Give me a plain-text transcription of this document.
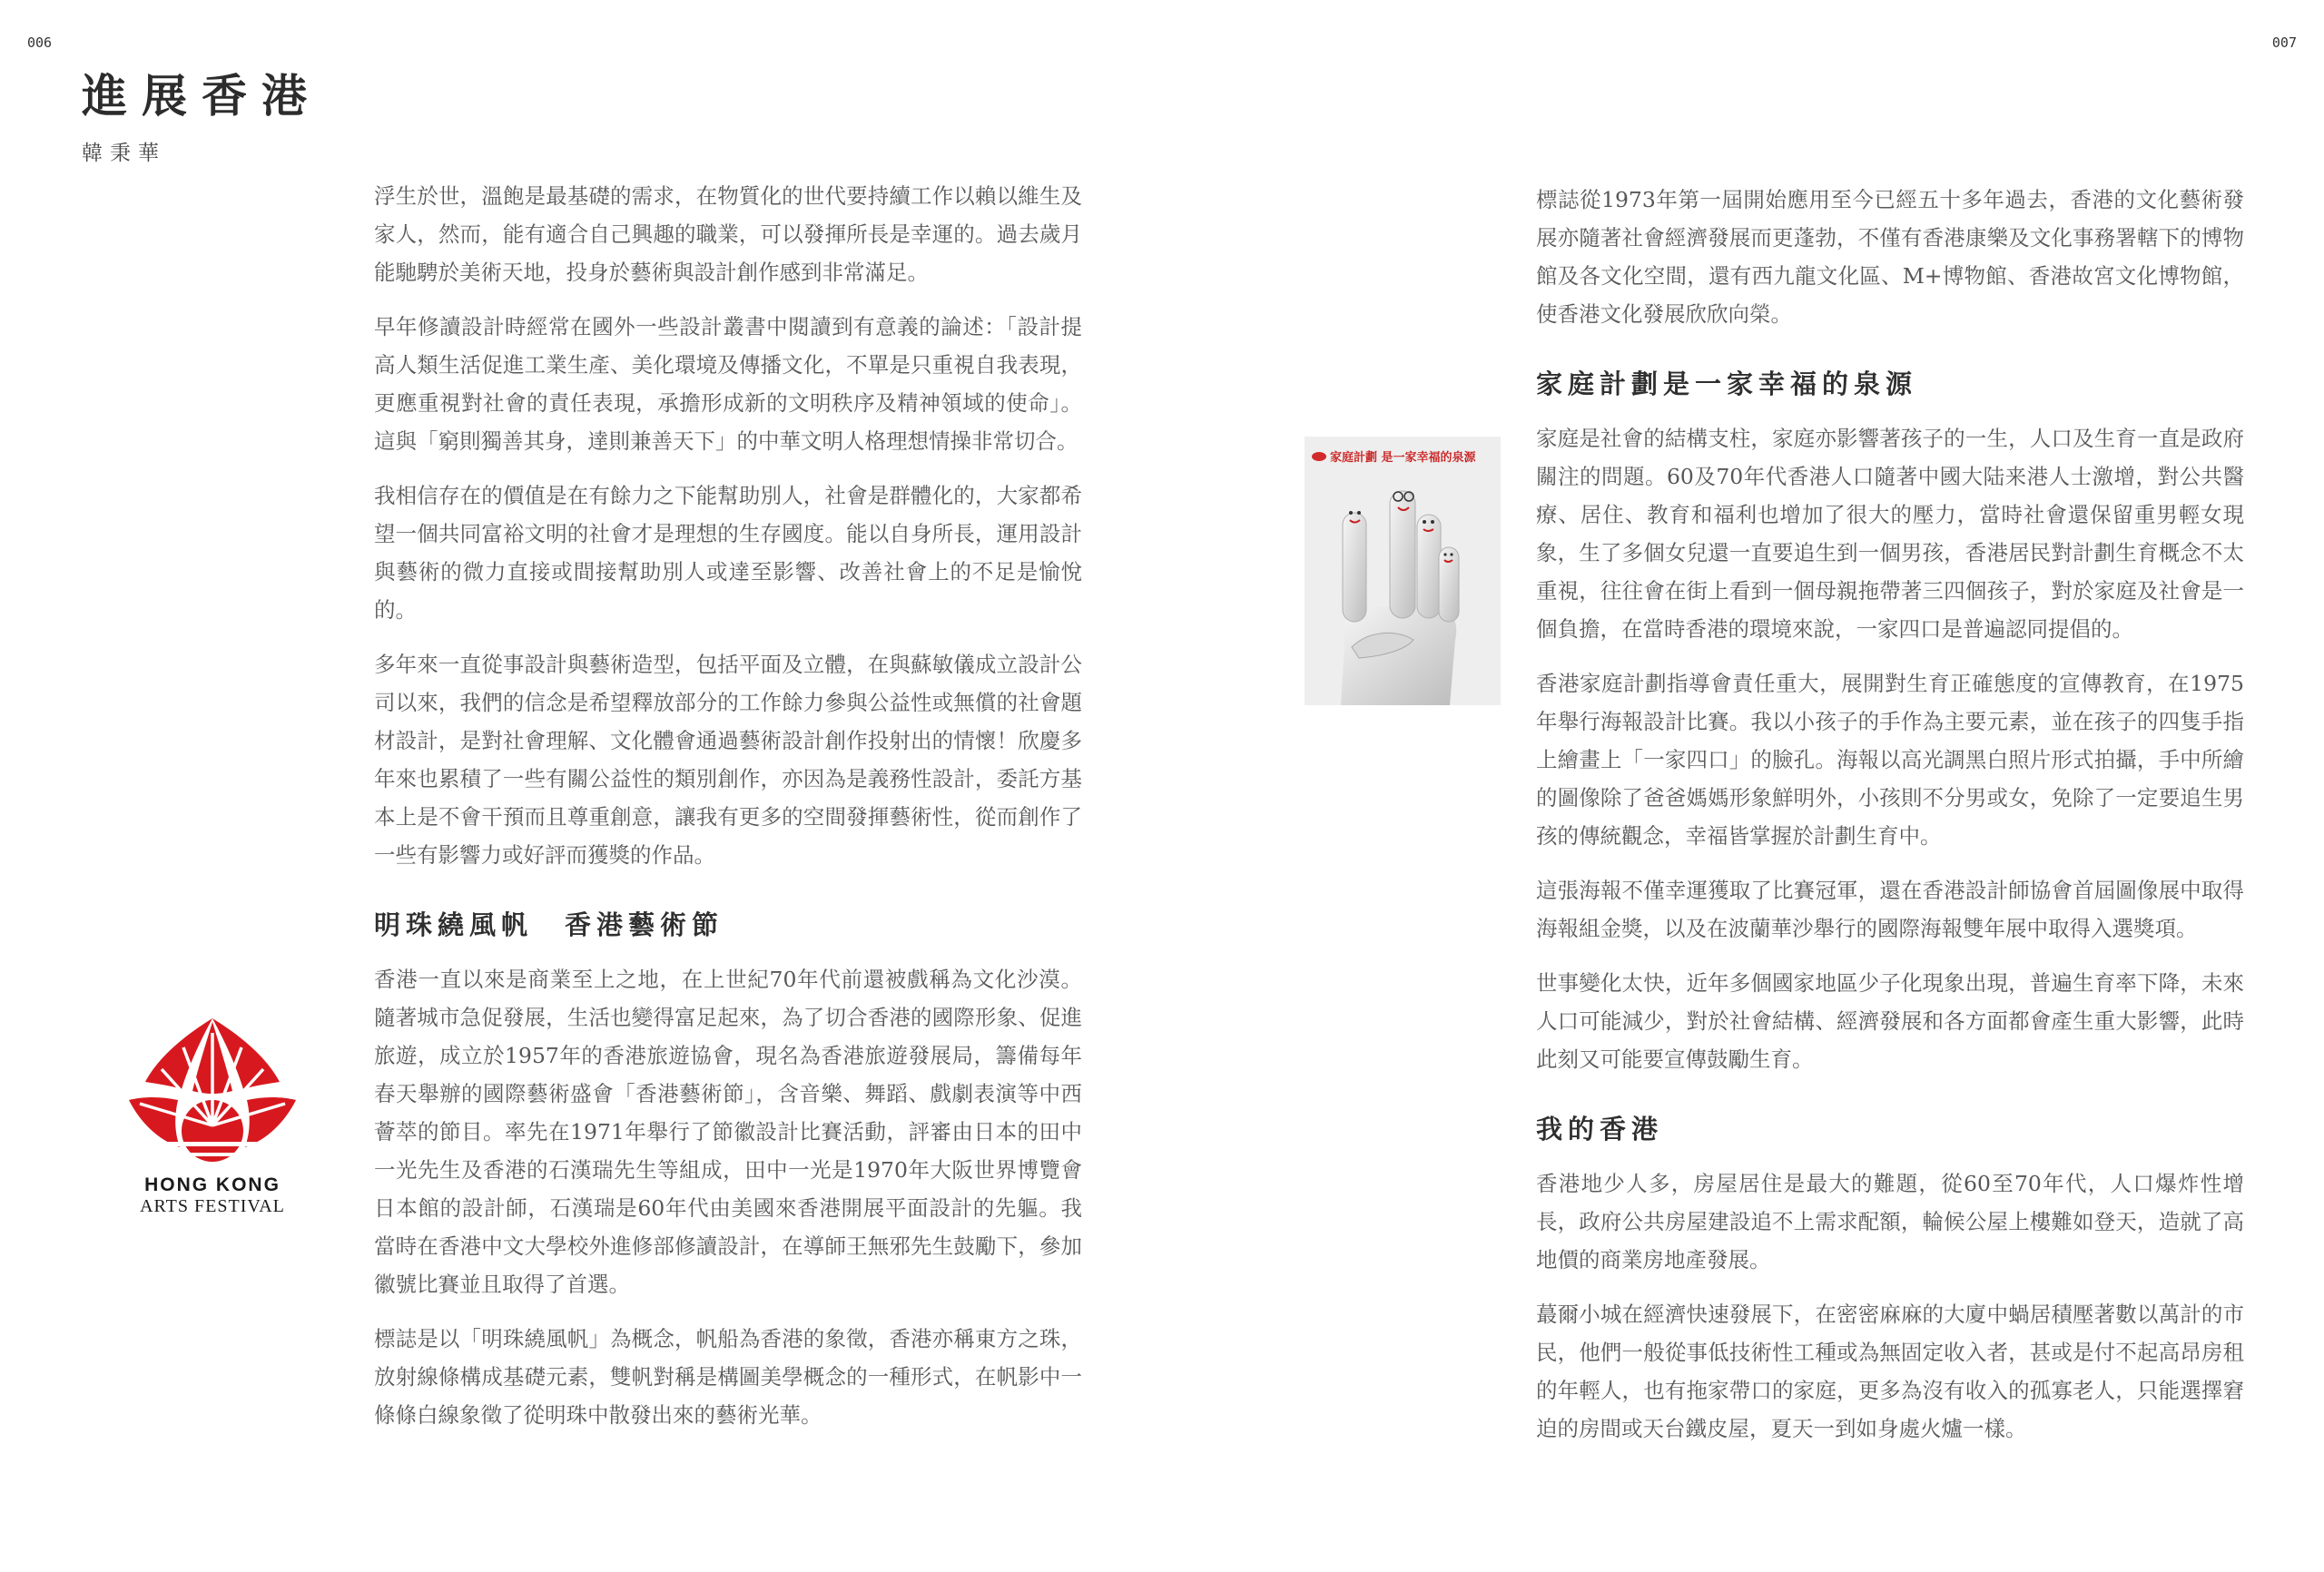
006	007
進展香港
韓秉華

浮生於世，溫飽是最基礎的需求，在物質化的世代要持續工作以賴以維生及家人，然而，能有適合自己興趣的職業，可以發揮所長是幸運的。過去歲月能馳騁於美術天地，投身於藝術與設計創作感到非常滿足。

早年修讀設計時經常在國外一些設計叢書中閱讀到有意義的論述：「設計提高人類生活促進工業生產、美化環境及傳播文化，不單是只重視自我表現，更應重視對社會的責任表現，承擔形成新的文明秩序及精神領域的使命」。這與「窮則獨善其身，達則兼善天下」的中華文明人格理想情操非常切合。

我相信存在的價值是在有餘力之下能幫助別人，社會是群體化的，大家都希望一個共同富裕文明的社會才是理想的生存國度。能以自身所長，運用設計與藝術的微力直接或間接幫助別人或達至影響、改善社會上的不足是愉悅的。

多年來一直從事設計與藝術造型，包括平面及立體，在與蘇敏儀成立設計公司以來，我們的信念是希望釋放部分的工作餘力參與公益性或無償的社會題材設計，是對社會理解、文化體會通過藝術設計創作投射出的情懷！欣慶多年來也累積了一些有關公益性的類別創作，亦因為是義務性設計，委託方基本上是不會干預而且尊重創意，讓我有更多的空間發揮藝術性，從而創作了一些有影響力或好評而獲獎的作品。

明珠繞風帆　香港藝術節

香港一直以來是商業至上之地，在上世紀70年代前還被戲稱為文化沙漠。隨著城市急促發展，生活也變得富足起來，為了切合香港的國際形象、促進旅遊，成立於1957年的香港旅遊協會，現名為香港旅遊發展局，籌備每年春天舉辦的國際藝術盛會「香港藝術節」，含音樂、舞蹈、戲劇表演等中西薈萃的節目。率先在1971年舉行了節徽設計比賽活動，評審由日本的田中一光先生及香港的石漢瑞先生等組成，田中一光是1970年大阪世界博覽會日本館的設計師，石漢瑞是60年代由美國來香港開展平面設計的先軀。我當時在香港中文大學校外進修部修讀設計，在導師王無邪先生鼓勵下，參加徽號比賽並且取得了首選。

標誌是以「明珠繞風帆」為概念，帆船為香港的象徵，香港亦稱東方之珠，放射線條構成基礎元素，雙帆對稱是構圖美學概念的一種形式，在帆影中一條條白線象徵了從明珠中散發出來的藝術光華。

HONG KONG
ARTS FESTIVAL
家庭計劃 是一家幸福的泉源

標誌從1973年第一屆開始應用至今已經五十多年過去，香港的文化藝術發展亦隨著社會經濟發展而更蓬勃，不僅有香港康樂及文化事務署轄下的博物館及各文化空間，還有西九龍文化區、M+博物館、香港故宮文化博物館，使香港文化發展欣欣向榮。

家庭計劃是一家幸福的泉源

家庭是社會的結構支柱，家庭亦影響著孩子的一生，人口及生育一直是政府關注的問題。60及70年代香港人口隨著中國大陆来港人士激增，對公共醫療、居住、教育和福利也增加了很大的壓力，當時社會還保留重男輕女現象，生了多個女兒還一直要追生到一個男孩，香港居民對計劃生育概念不太重視，往往會在街上看到一個母親拖帶著三四個孩子，對於家庭及社會是一個負擔，在當時香港的環境來說，一家四口是普遍認同提倡的。

香港家庭計劃指導會責任重大，展開對生育正確態度的宣傳教育，在1975年舉行海報設計比賽。我以小孩子的手作為主要元素，並在孩子的四隻手指上繪畫上「一家四口」的臉孔。海報以高光調黑白照片形式拍攝，手中所繪的圖像除了爸爸媽媽形象鮮明外，小孩則不分男或女，免除了一定要追生男孩的傳統觀念，幸福皆掌握於計劃生育中。

這張海報不僅幸運獲取了比賽冠軍，還在香港設計師協會首屆圖像展中取得海報組金獎，以及在波蘭華沙舉行的國際海報雙年展中取得入選獎項。

世事變化太快，近年多個國家地區少子化現象出現，普遍生育率下降，未來人口可能減少，對於社會結構、經濟發展和各方面都會產生重大影響，此時此刻又可能要宣傳鼓勵生育。

我的香港

香港地少人多，房屋居住是最大的難題，從60至70年代，人口爆炸性增長，政府公共房屋建設追不上需求配額，輪候公屋上樓難如登天，造就了高地價的商業房地產發展。

蕞爾小城在經濟快速發展下，在密密麻麻的大廈中蝸居積壓著數以萬計的市民，他們一般從事低技術性工種或為無固定收入者，甚或是付不起高昂房租的年輕人，也有拖家帶口的家庭，更多為沒有收入的孤寡老人，只能選擇窘迫的房間或天台鐵皮屋，夏天一到如身處火爐一樣。
